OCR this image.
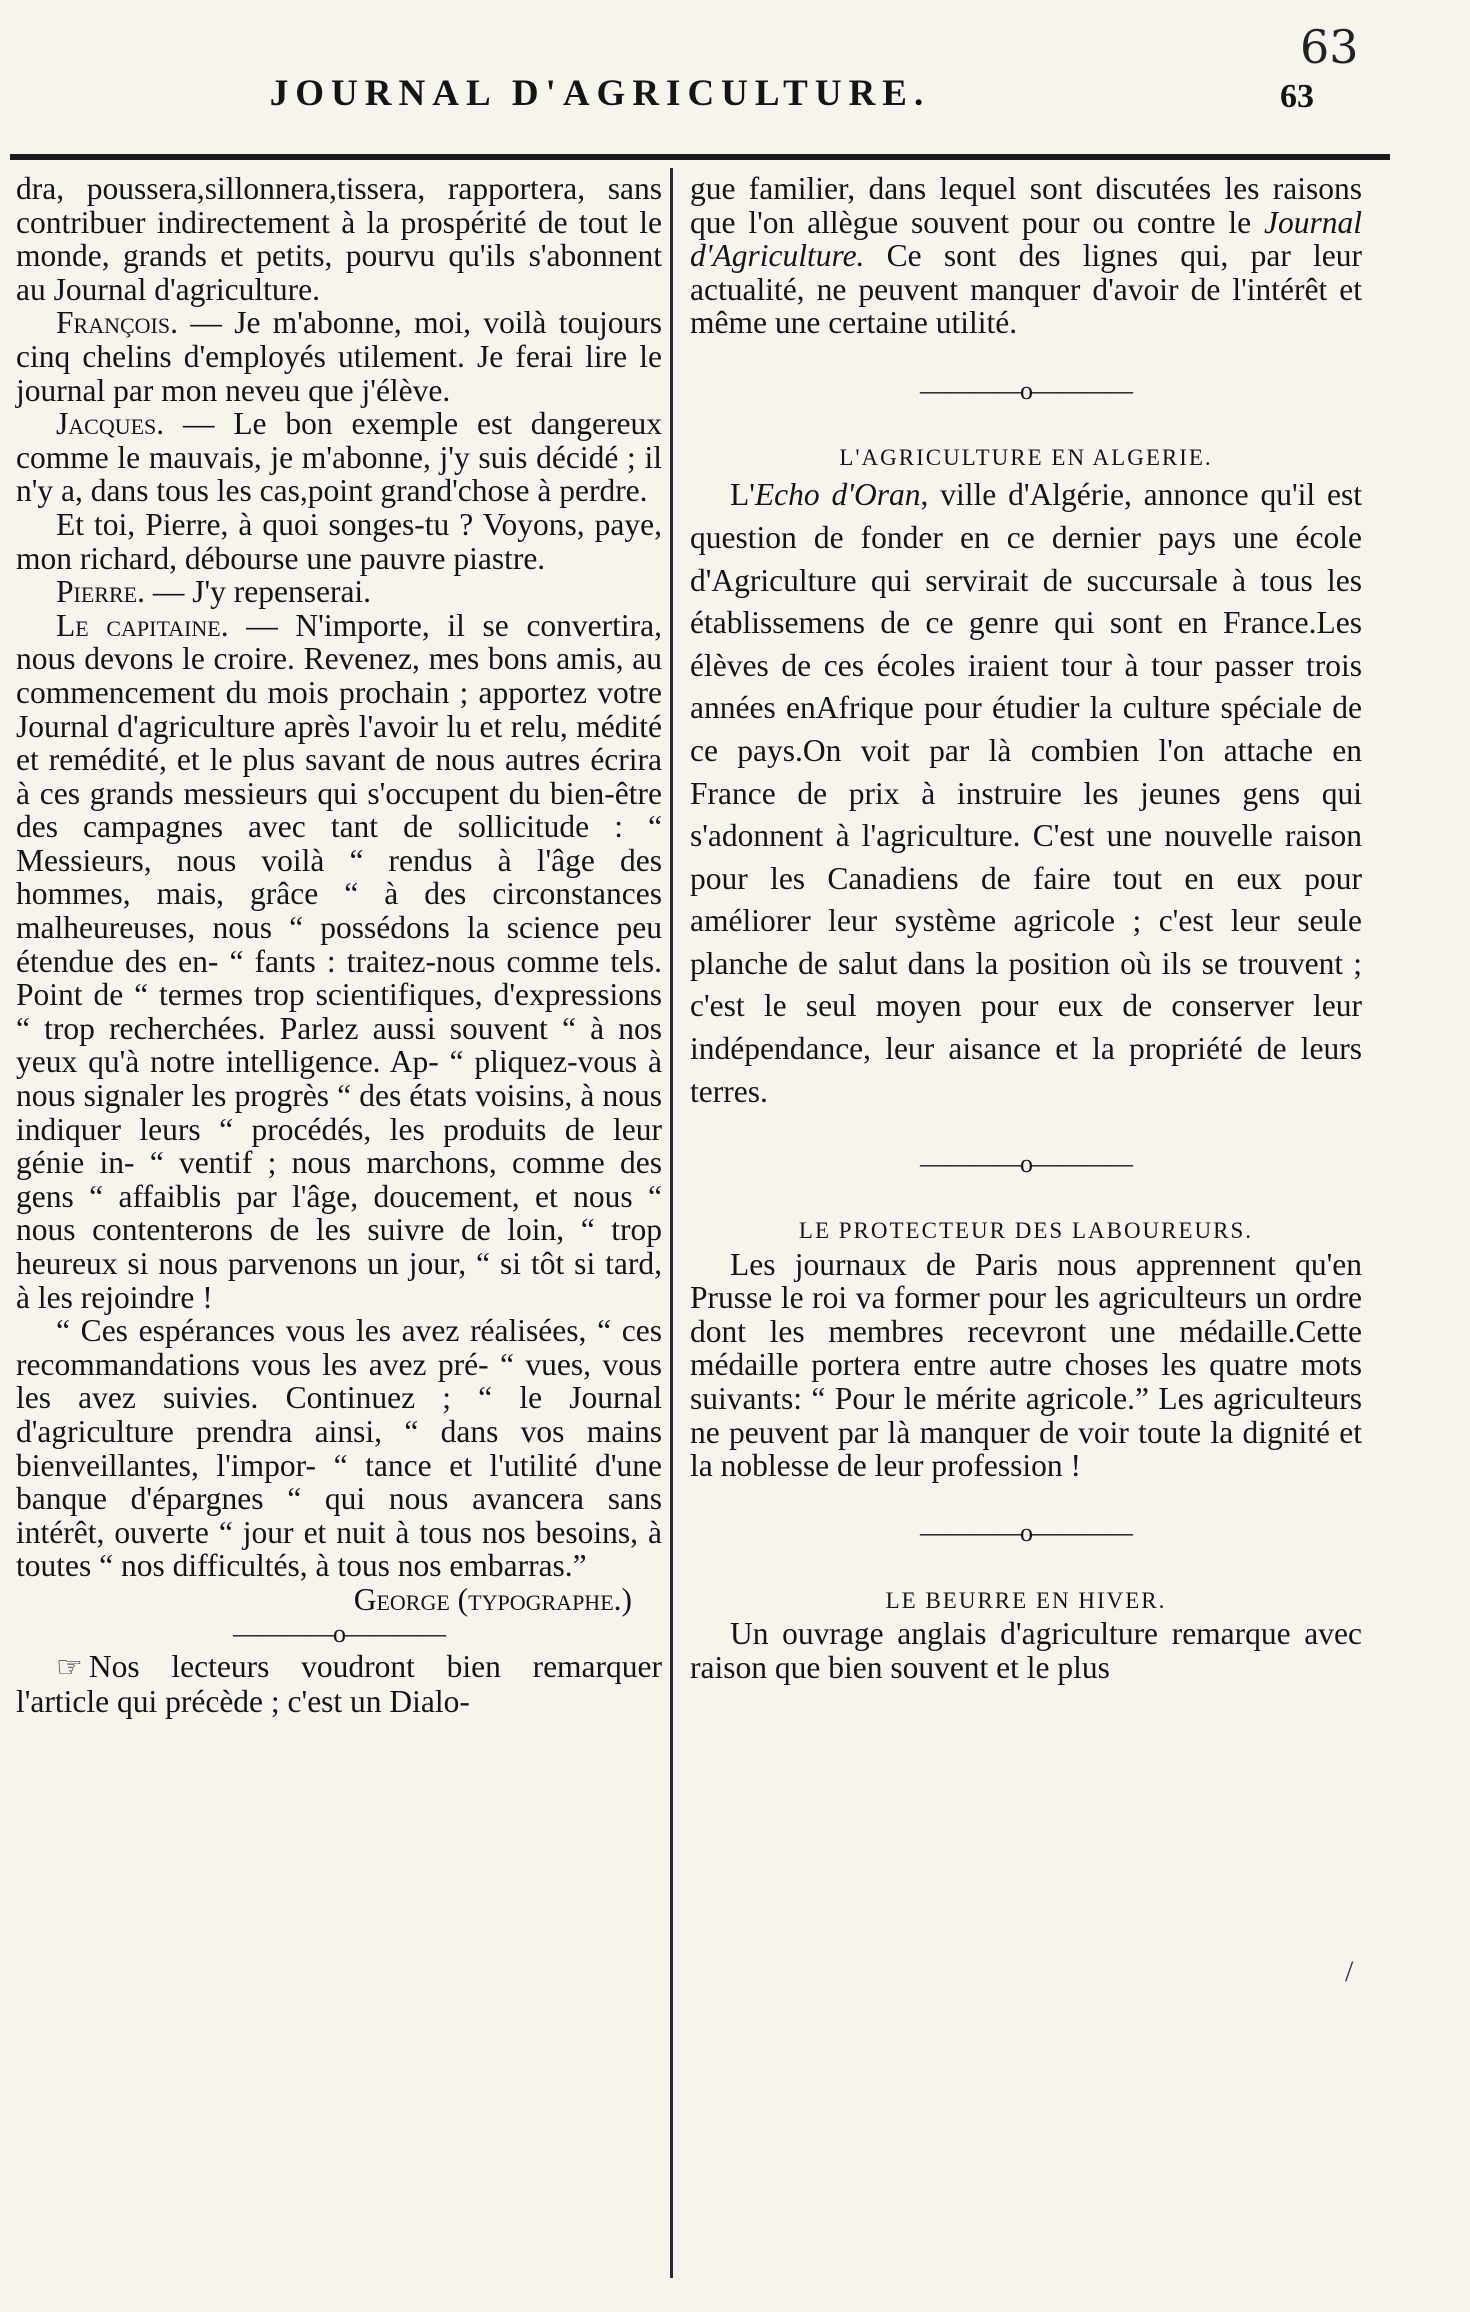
63
JOURNAL D'AGRICULTURE.	63

dra, poussera,sillonnera,tissera, rapportera, sans contribuer indirectement à la prospérité de tout le monde, grands et petits, pourvu qu'ils s'abonnent au Journal d'agriculture.

François. — Je m'abonne, moi, voilà toujours cinq chelins d'employés utilement. Je ferai lire le journal par mon neveu que j'élève.

Jacques. — Le bon exemple est dangereux comme le mauvais, je m'abonne, j'y suis décidé ; il n'y a, dans tous les cas,point grand'chose à perdre.

Et toi, Pierre, à quoi songes-tu ? Voyons, paye, mon richard, débourse une pauvre piastre.

Pierre. — J'y repenserai.

Le capitaine. — N'importe, il se convertira, nous devons le croire. Revenez, mes bons amis, au commencement du mois prochain ; apportez votre Journal d'agriculture après l'avoir lu et relu, médité et remédité, et le plus savant de nous autres écrira à ces grands messieurs qui s'occupent du bien-être des campagnes avec tant de sollicitude : “ Messieurs, nous voilà “ rendus à l'âge des hommes, mais, grâce “ à des circonstances malheureuses, nous “ possédons la science peu étendue des en- “ fants : traitez-nous comme tels. Point de “ termes trop scientifiques, d'expressions “ trop recherchées. Parlez aussi souvent “ à nos yeux qu'à notre intelligence. Ap- “ pliquez-vous à nous signaler les progrès “ des états voisins, à nous indiquer leurs “ procédés, les produits de leur génie in- “ ventif ; nous marchons, comme des gens “ affaiblis par l'âge, doucement, et nous “ nous contenterons de les suivre de loin, “ trop heureux si nous parvenons un jour, “ si tôt si tard, à les rejoindre !

“ Ces espérances vous les avez réalisées, “ ces recommandations vous les avez pré- “ vues, vous les avez suivies. Continuez ; “ le Journal d'agriculture prendra ainsi, “ dans vos mains bienveillantes, l'impor- “ tance et l'utilité d'une banque d'épargnes “ qui nous avancera sans intérêt, ouverte “ jour et nuit à tous nos besoins, à toutes “ nos difficultés, à tous nos embarras.”

George (typographe.)

————o————

☞ Nos lecteurs voudront bien remarquer l'article qui précède ; c'est un Dialo-

gue familier, dans lequel sont discutées les raisons que l'on allègue souvent pour ou contre le Journal d'Agriculture. Ce sont des lignes qui, par leur actualité, ne peuvent manquer d'avoir de l'intérêt et même une certaine utilité.

————o————

L'AGRICULTURE EN ALGERIE.

L'Echo d'Oran, ville d'Algérie, annonce qu'il est question de fonder en ce dernier pays une école d'Agriculture qui servirait de succursale à tous les établissemens de ce genre qui sont en France.Les élèves de ces écoles iraient tour à tour passer trois années enAfrique pour étudier la culture spéciale de ce pays.On voit par là combien l'on attache en France de prix à instruire les jeunes gens qui s'adonnent à l'agriculture. C'est une nouvelle raison pour les Canadiens de faire tout en eux pour améliorer leur système agricole ; c'est leur seule planche de salut dans la position où ils se trouvent ; c'est le seul moyen pour eux de conserver leur indépendance, leur aisance et la propriété de leurs terres.

————o————

LE PROTECTEUR DES LABOUREURS.

Les journaux de Paris nous apprennent qu'en Prusse le roi va former pour les agriculteurs un ordre dont les membres recevront une médaille.Cette médaille portera entre autre choses les quatre mots suivants: “ Pour le mérite agricole.” Les agriculteurs ne peuvent par là manquer de voir toute la dignité et la noblesse de leur profession !

————o————

LE BEURRE EN HIVER.

Un ouvrage anglais d'agriculture remarque avec raison que bien souvent et le plus

/
